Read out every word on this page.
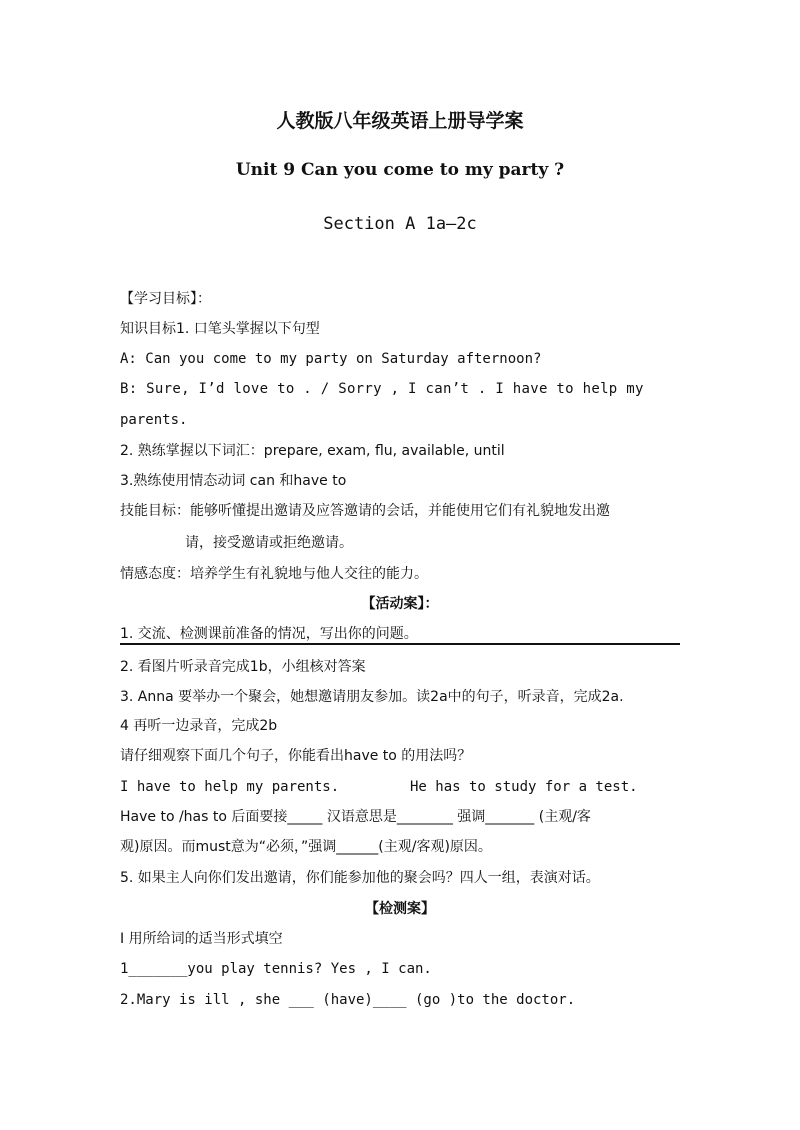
人教版八年级英语上册导学案
Unit 9 Can you come to my party ?
Section A 1a—2c
【学习目标】：
知识目标1. 口笔头掌握以下句型
A: Can you come to my party on Saturday afternoon?
B: Sure, I’d love to . / Sorry , I can’t . I have to help my
parents.
2. 熟练掌握以下词汇：prepare, exam, flu, available, until
3.熟练使用情态动词 can 和have to
技能目标：能够听懂提出邀请及应答邀请的会话，并能使用它们有礼貌地发出邀
请，接受邀请或拒绝邀请。
情感态度：培养学生有礼貌地与他人交往的能力。
【活动案】：
1. 交流、检测课前准备的情况，写出你的问题。
2. 看图片听录音完成1b，小组核对答案
3. Anna 要举办一个聚会，她想邀请朋友参加。读2a中的句子，听录音，完成2a.
4 再听一边录音，完成2b
请仔细观察下面几个句子，你能看出have to 的用法吗？
I have to help my parents.	He has to study for a test.
Have to /has to 后面要接_____ 汉语意思是________ 强调_______ (主观/客
观)原因。而must意为“必须，”强调______(主观/客观)原因。
5. 如果主人向你们发出邀请，你们能参加他的聚会吗？四人一组，表演对话。
【检测案】
I 用所给词的适当形式填空
1_______you play tennis? Yes , I can.
2.Mary is ill , she ___ (have)____ (go )to the doctor.
